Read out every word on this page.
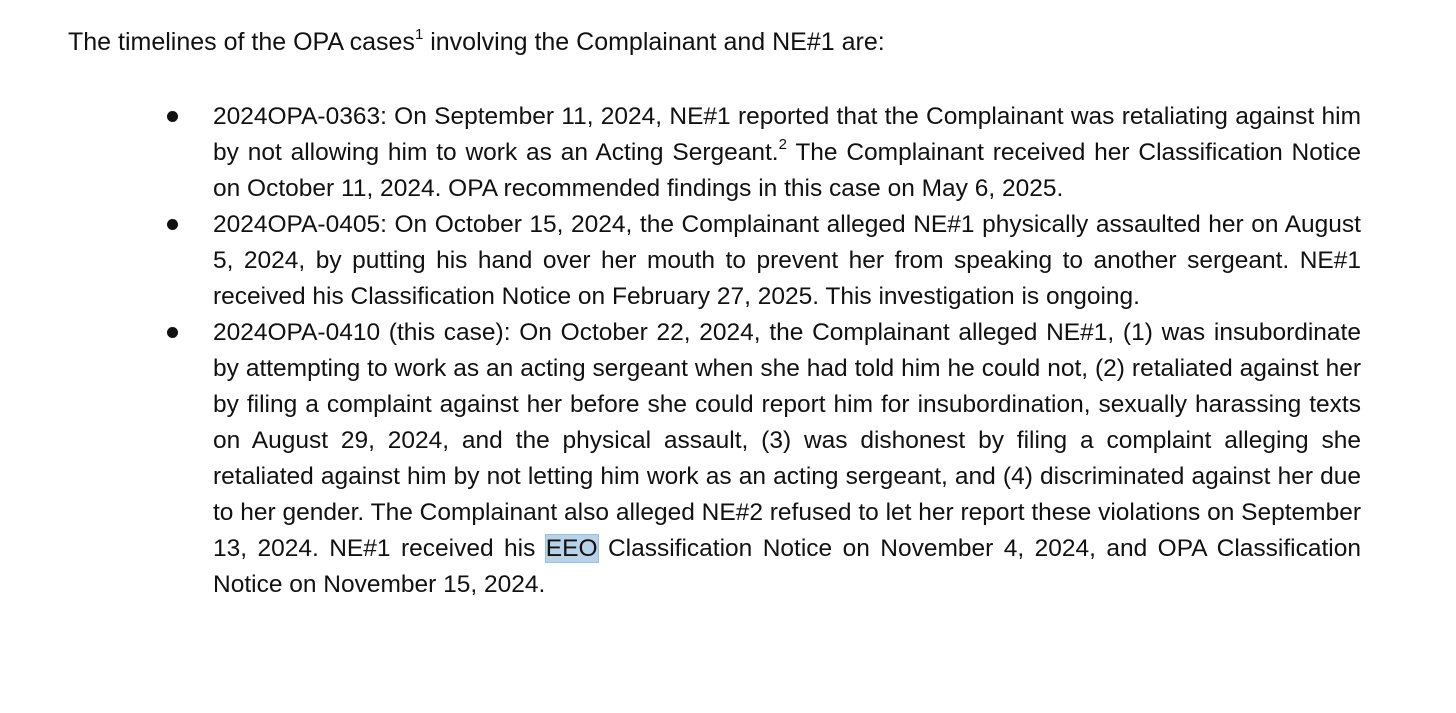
The timelines of the OPA cases$^1$ involving the Complainant and NE#1 are:

2024OPA-0363: On September 11, 2024, NE#1 reported that the Complainant was retaliating against him by not allowing him to work as an Acting Sergeant.$^2$ The Complainant received her Classification Notice on October 11, 2024. OPA recommended findings in this case on May 6, 2025.

2024OPA-0405: On October 15, 2024, the Complainant alleged NE#1 physically assaulted her on August 5, 2024, by putting his hand over her mouth to prevent her from speaking to another sergeant. NE#1 received his Classification Notice on February 27, 2025. This investigation is ongoing.

2024OPA-0410 (this case): On October 22, 2024, the Complainant alleged NE#1, (1) was insubordinate by attempting to work as an acting sergeant when she had told him he could not, (2) retaliated against her by filing a complaint against her before she could report him for insubordination, sexually harassing texts on August 29, 2024, and the physical assault, (3) was dishonest by filing a complaint alleging she retaliated against him by not letting him work as an acting sergeant, and (4) discriminated against her due to her gender. The Complainant also alleged NE#2 refused to let her report these violations on September 13, 2024. NE#1 received his EEO Classification Notice on November 4, 2024, and OPA Classification Notice on November 15, 2024.
